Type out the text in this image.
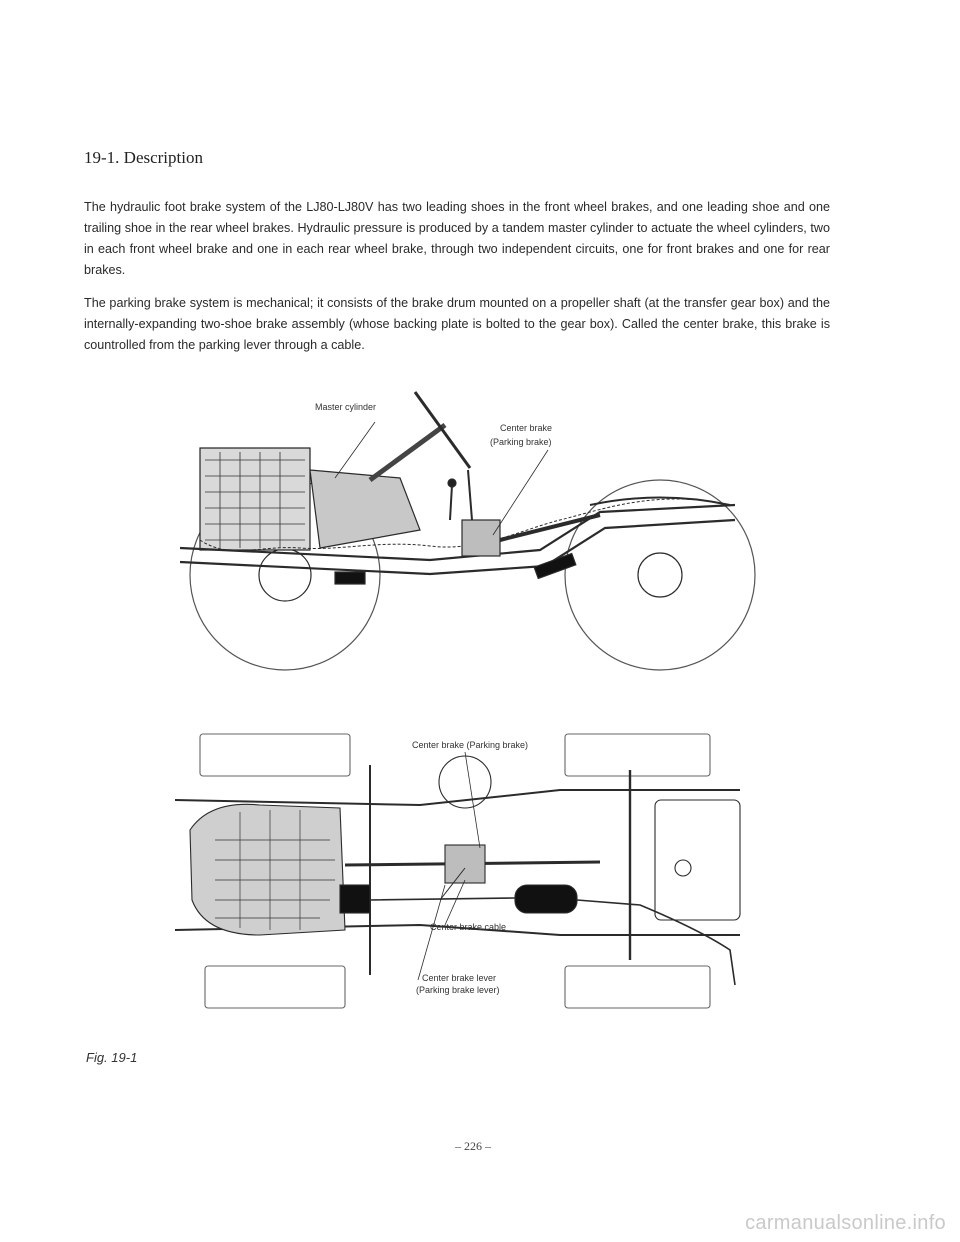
19-1. Description

The hydraulic foot brake system of the LJ80-LJ80V has two leading shoes in the front wheel brakes, and one leading shoe and one trailing shoe in the rear wheel brakes. Hydraulic pressure is produced by a tandem master cylinder to actuate the wheel cylinders, two in each front wheel brake and one in each rear wheel brake, through two independent circuits, one for front brakes and one for rear brakes.

The parking brake system is mechanical; it consists of the brake drum mounted on a propeller shaft (at the transfer gear box) and the internally-expanding two-shoe brake assembly (whose backing plate is bolted to the gear box). Called the center brake, this brake is countrolled from the parking lever through a cable.

Master cylinder
Center brake
(Parking brake)
Center brake (Parking brake)
Center brake cable
Center brake lever
(Parking brake lever)
Fig. 19-1
– 226 –
carmanualsonline.info
